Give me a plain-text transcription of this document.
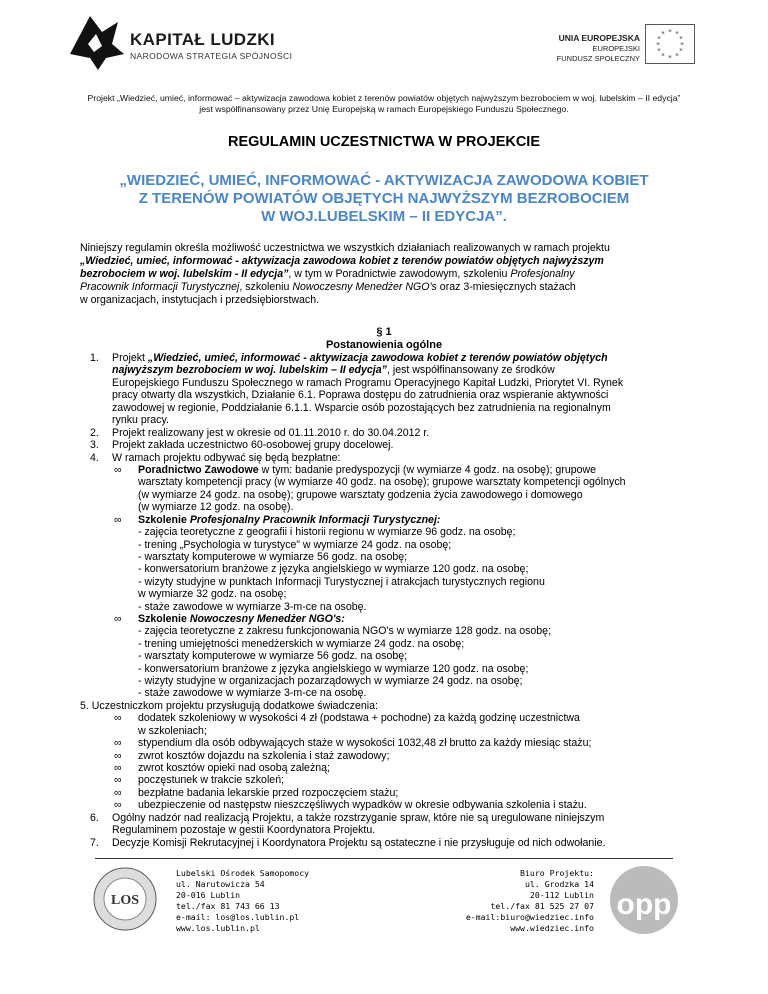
KAPITAŁ LUDZKI
NARODOWA STRATEGIA SPÓJNOŚCI
UNIA EUROPEJSKA
EUROPEJSKI
FUNDUSZ SPOŁECZNY
* *
*
*
*
*
*
*
*
*
*
*
Projekt „Wiedzieć, umieć, informować – aktywizacja zawodowa kobiet z terenów powiatów objętych najwyższym bezrobociem w woj. lubelskim – II edycja”
jest współfinansowany przez Unię Europejską w ramach Europejskiego Funduszu Społecznego.
REGULAMIN UCZESTNICTWA W PROJEKCIE
„WIEDZIEĆ, UMIEĆ, INFORMOWAĆ - AKTYWIZACJA ZAWODOWA KOBIET
Z TERENÓW POWIATÓW OBJĘTYCH NAJWYŻSZYM BEZROBOCIEM
W WOJ.LUBELSKIM – II EDYCJA”.
Niniejszy regulamin określa możliwość uczestnictwa we wszystkich działaniach realizowanych w ramach projektu
„Wiedzieć, umieć, informować - aktywizacja zawodowa kobiet z terenów powiatów objętych najwyższym
bezrobociem w woj. lubelskim - II edycja”, w tym w Poradnictwie zawodowym, szkoleniu Profesjonalny
Pracownik Informacji Turystycznej, szkoleniu Nowoczesny Menedżer NGO's oraz 3-miesięcznych stażach
w organizacjach, instytucjach i przedsiębiorstwach.
§ 1
Postanowienia ogólne
1. Projekt „Wiedzieć, umieć, informować - aktywizacja zawodowa kobiet z terenów powiatów objętych
najwyższym bezrobociem w woj. lubelskim – II edycja”, jest współfinansowany ze środków
Europejskiego Funduszu Społecznego w ramach Programu Operacyjnego Kapitał Ludzki, Priorytet VI. Rynek
pracy otwarty dla wszystkich, Działanie 6.1. Poprawa dostępu do zatrudnienia oraz wspieranie aktywności
zawodowej w regionie, Poddziałanie 6.1.1. Wsparcie osób pozostających bez zatrudnienia na regionalnym
rynku pracy.
2. Projekt realizowany jest w okresie od 01.11.2010 r. do 30.04.2012 r.
3. Projekt zakłada uczestnictwo 60-osobowej grupy docelowej.
4. W ramach projektu odbywać się będą bezpłatne:
∞ Poradnictwo Zawodowe w tym: badanie predyspozycji (w wymiarze 4 godz. na osobę); grupowe
warsztaty kompetencji pracy (w wymiarze 40 godz. na osobę); grupowe warsztaty kompetencji ogólnych
(w wymiarze 24 godz. na osobę); grupowe warsztaty godzenia życia zawodowego i domowego
(w wymiarze 12 godz. na osobę).
∞ Szkolenie Profesjonalny Pracownik Informacji Turystycznej:
- zajęcia teoretyczne z geografii i historii regionu w wymiarze 96 godz. na osobę;
- trening „Psychologia w turystyce” w wymiarze 24 godz. na osobę;
- warsztaty komputerowe w wymiarze 56 godz. na osobę;
- konwersatorium branżowe z języka angielskiego w wymiarze 120 godz. na osobę;
- wizyty studyjne w punktach Informacji Turystycznej i atrakcjach turystycznych regionu
w wymiarze 32 godz. na osobę;
- staże zawodowe w wymiarze 3-m-ce na osobę.
∞ Szkolenie Nowoczesny Menedżer NGO's:
- zajęcia teoretyczne z zakresu funkcjonowania NGO's w wymiarze 128 godz. na osobę;
- trening umiejętności menedżerskich w wymiarze 24 godz. na osobę;
- warsztaty komputerowe w wymiarze 56 godz. na osobę;
- konwersatorium branżowe z języka angielskiego w wymiarze 120 godz. na osobę;
- wizyty studyjne w organizacjach pozarządowych w wymiarze 24 godz. na osobę;
- staże zawodowe w wymiarze 3-m-ce na osobę.
5. Uczestniczkom projektu przysługują dodatkowe świadczenia:
∞ dodatek szkoleniowy w wysokości 4 zł (podstawa + pochodne) za każdą godzinę uczestnictwa
w szkoleniach;
∞ stypendium dla osób odbywających staże w wysokości 1032,48 zł brutto za każdy miesiąc stażu;
∞ zwrot kosztów dojazdu na szkolenia i staż zawodowy;
∞ zwrot kosztów opieki nad osobą zależną;
∞ poczęstunek w trakcie szkoleń;
∞ bezpłatne badania lekarskie przed rozpoczęciem stażu;
∞ ubezpieczenie od następstw nieszczęśliwych wypadków w okresie odbywania szkolenia i stażu.
6. Ogólny nadzór nad realizacją Projektu, a także rozstrzyganie spraw, które nie są uregulowane niniejszym
Regulaminem pozostaje w gestii Koordynatora Projektu.
7. Decyzje Komisji Rekrutacyjnej i Koordynatora Projektu są ostateczne i nie przysługuje od nich odwołanie.
LOS
Lubelski Ośrodek Samopomocy
ul. Narutowicza 54
20-016 Lublin
tel./fax 81 743 66 13
e-mail: los@los.lublin.pl
www.los.lublin.pl
Biuro Projektu:
ul. Grodzka 14
20-112 Lublin
tel./fax 81 525 27 07
e-mail:biuro@wiedziec.info
www.wiedziec.info
opp
